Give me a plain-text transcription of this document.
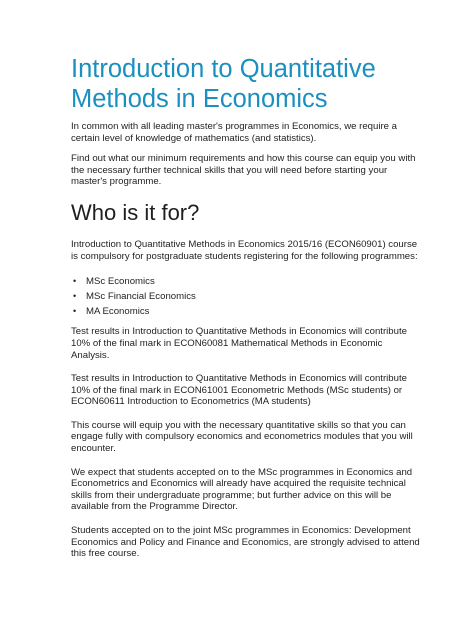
Introduction to Quantitative Methods in Economics

In common with all leading master's programmes in Economics, we require a certain level of knowledge of mathematics (and statistics).

Find out what our minimum requirements and how this course can equip you with the necessary further technical skills that you will need before starting your master's programme.

Who is it for?

Introduction to Quantitative Methods in Economics 2015/16 (ECON60901) course is compulsory for postgraduate students registering for the following programmes:

• MSc Economics
• MSc Financial Economics
• MA Economics

Test results in Introduction to Quantitative Methods in Economics will contribute 10% of the final mark in ECON60081 Mathematical Methods in Economic Analysis.

Test results in Introduction to Quantitative Methods in Economics will contribute 10% of the final mark in ECON61001 Econometric Methods (MSc students) or ECON60611 Introduction to Econometrics (MA students)

This course will equip you with the necessary quantitative skills so that you can engage fully with compulsory economics and econometrics modules that you will encounter.

We expect that students accepted on to the MSc programmes in Economics and Econometrics and Economics will already have acquired the requisite technical skills from their undergraduate programme; but further advice on this will be available from the Programme Director.

Students accepted on to the joint MSc programmes in Economics: Development Economics and Policy and Finance and Economics, are strongly advised to attend this free course.
